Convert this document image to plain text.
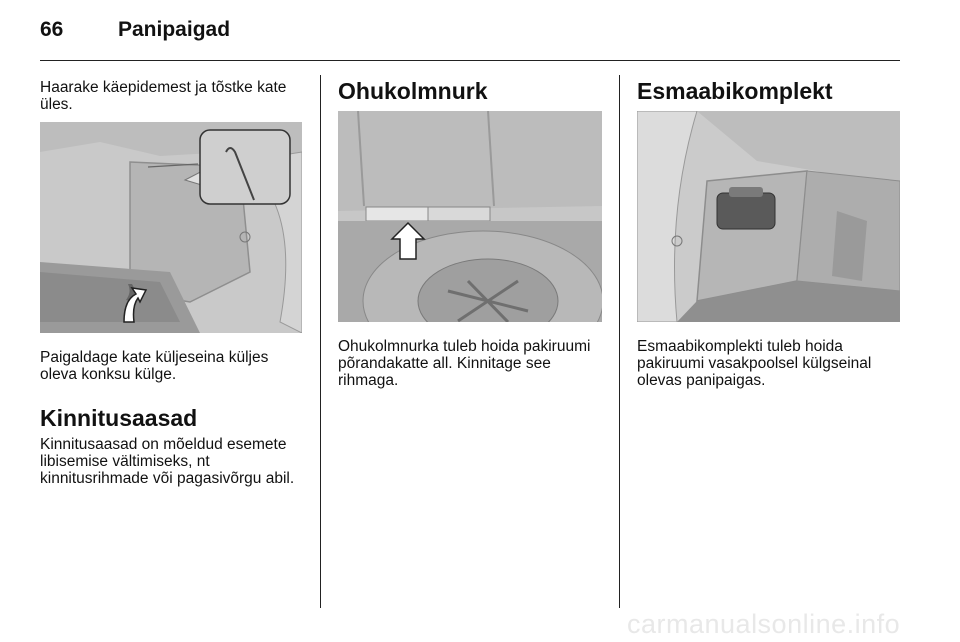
66	Panipaigad

Haarake käepidemest ja tõstke kate

üles.

Paigaldage kate küljeseina küljes

oleva konksu külge.

Kinnitusaasad

Kinnitusaasad on mõeldud esemete

libisemise vältimiseks, nt

kinnitusrihmade või pagasivõrgu abil.

Ohukolmnurk

Ohukolmnurka tuleb hoida pakiruumi

põrandakatte all. Kinnitage see

rihmaga.

Esmaabikomplekt

Esmaabikomplekti tuleb hoida

pakiruumi vasakpoolsel külgseinal

olevas panipaigas.

carmanualsonline.info
